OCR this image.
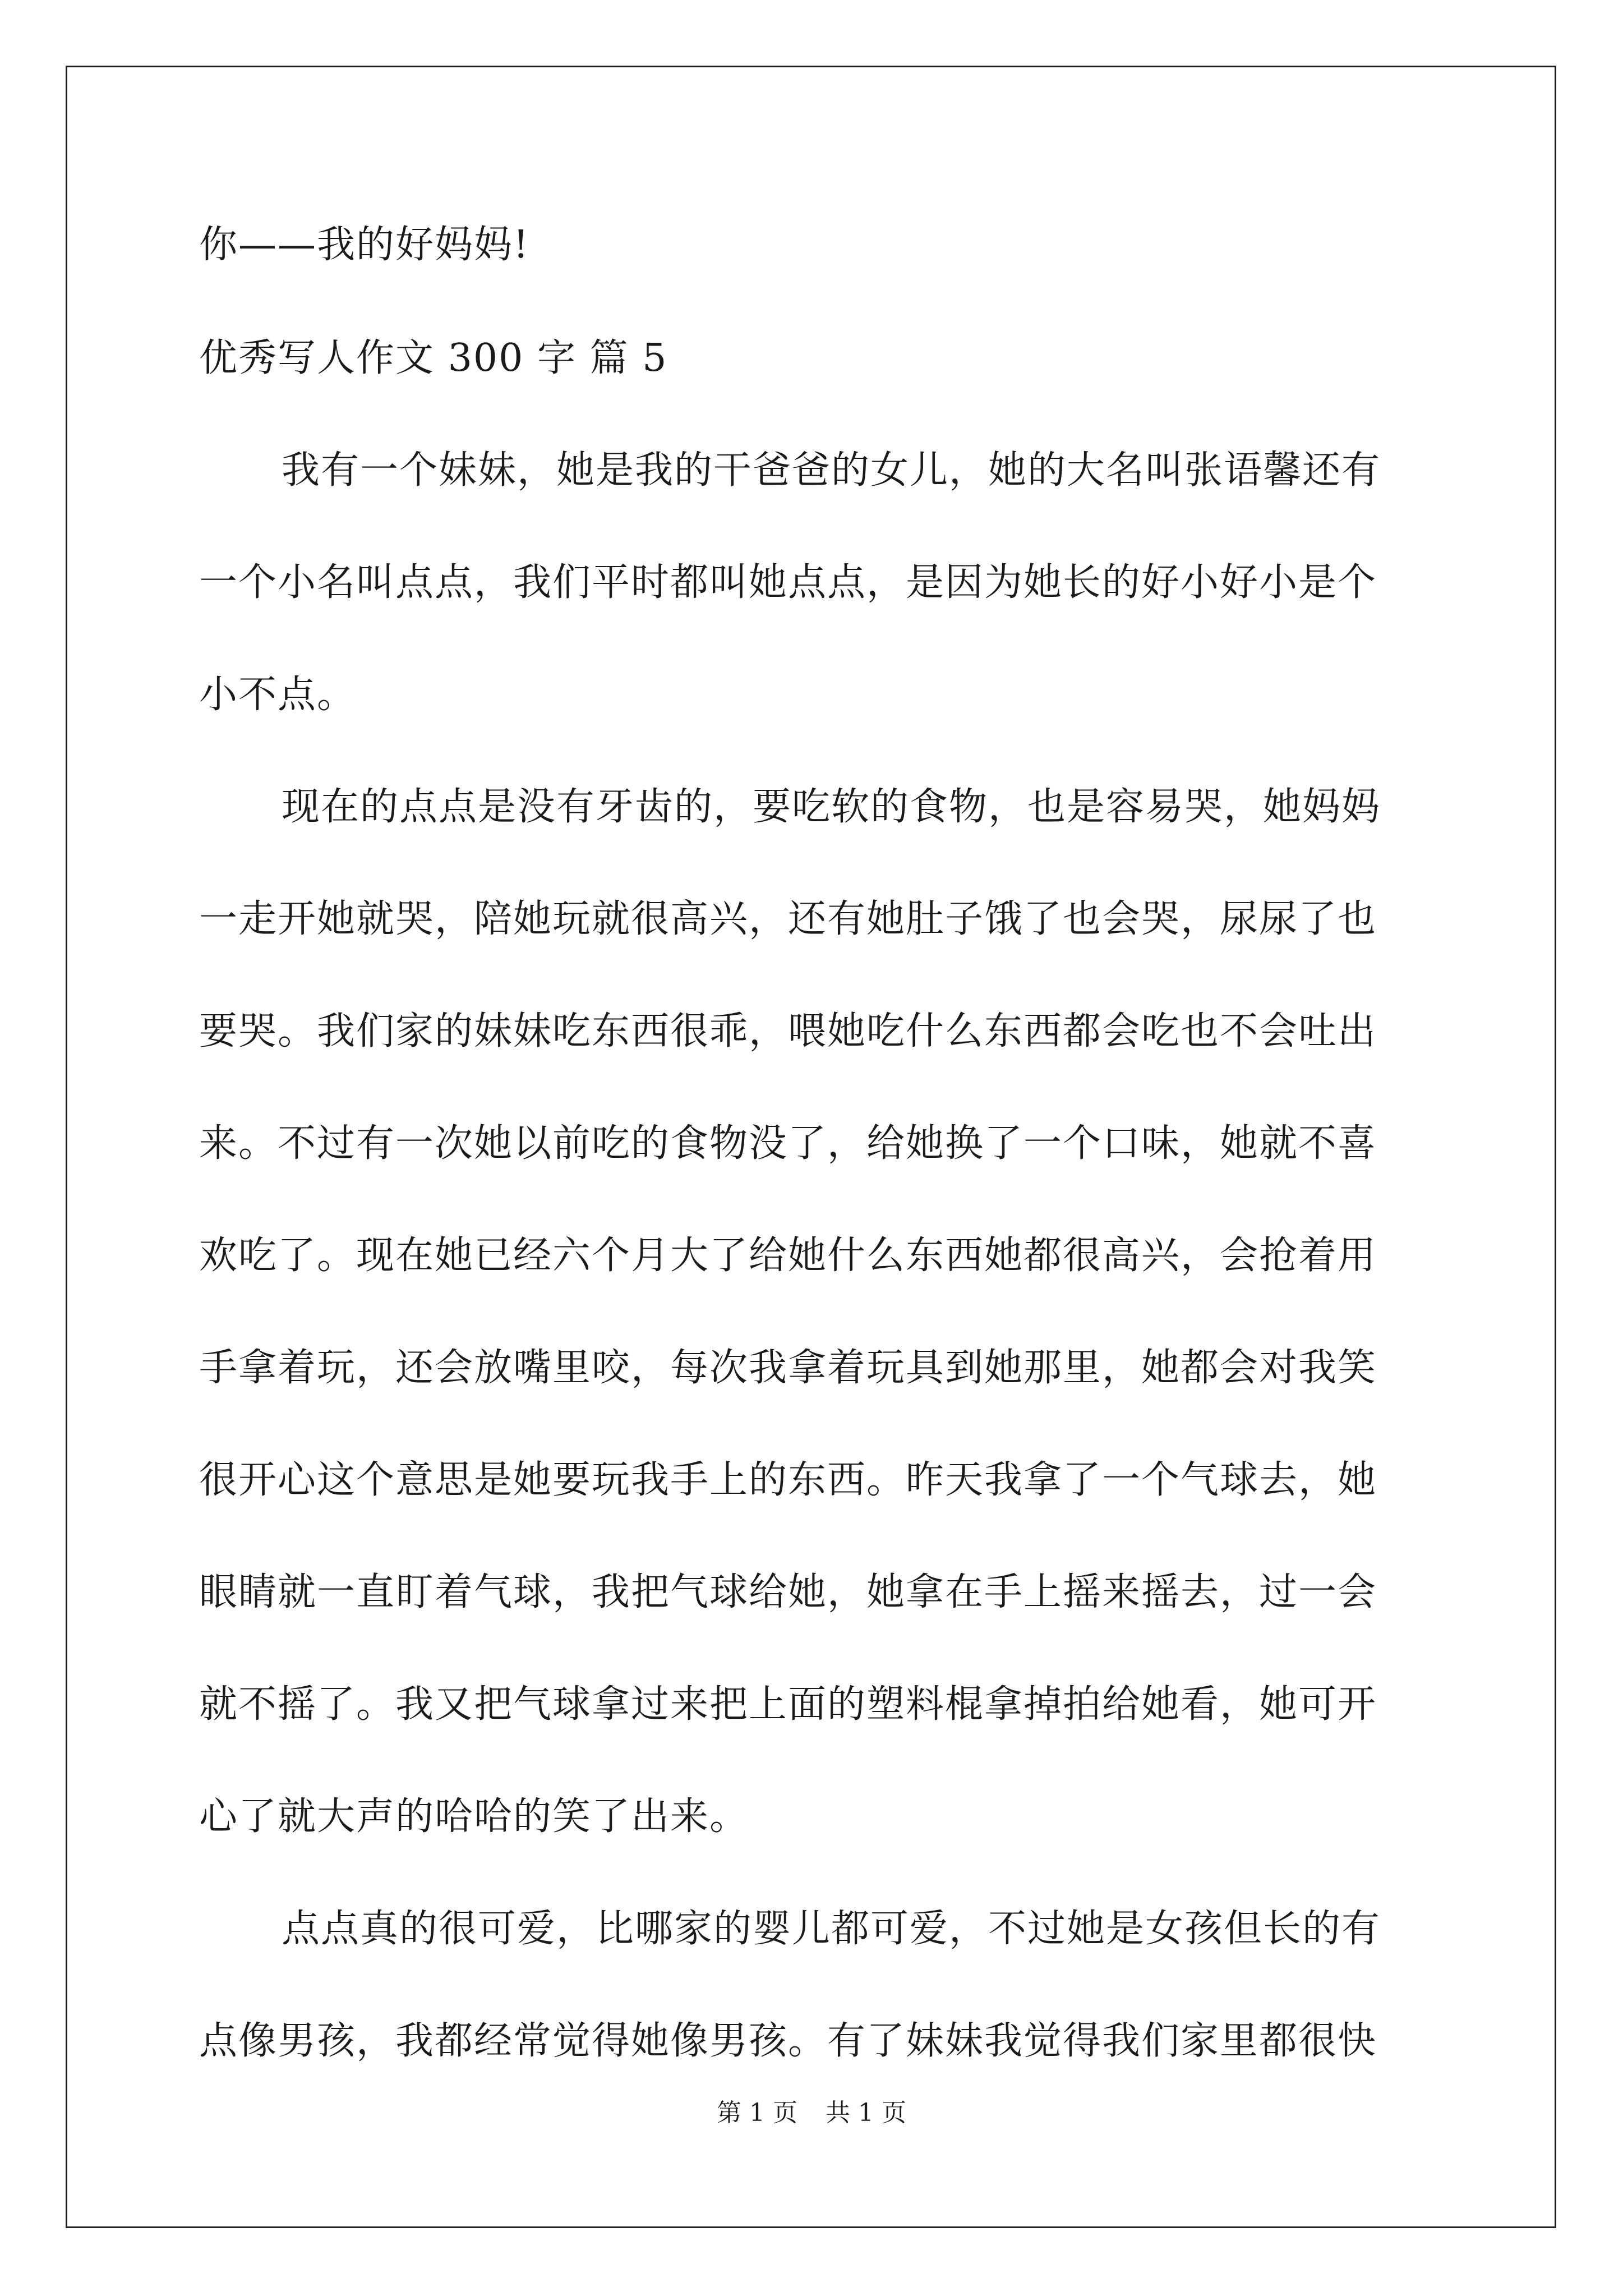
你——我的好妈妈!
优秀写人作文 300 字 篇 5
我有一个妹妹，她是我的干爸爸的女儿，她的大名叫张语馨还有
一个小名叫点点，我们平时都叫她点点，是因为她长的好小好小是个
小不点。
现在的点点是没有牙齿的，要吃软的食物，也是容易哭，她妈妈
一走开她就哭，陪她玩就很高兴，还有她肚子饿了也会哭，尿尿了也
要哭。我们家的妹妹吃东西很乖，喂她吃什么东西都会吃也不会吐出
来。不过有一次她以前吃的食物没了，给她换了一个口味，她就不喜
欢吃了。现在她已经六个月大了给她什么东西她都很高兴，会抢着用
手拿着玩，还会放嘴里咬，每次我拿着玩具到她那里，她都会对我笑
很开心这个意思是她要玩我手上的东西。昨天我拿了一个气球去，她
眼睛就一直盯着气球，我把气球给她，她拿在手上摇来摇去，过一会
就不摇了。我又把气球拿过来把上面的塑料棍拿掉拍给她看，她可开
心了就大声的哈哈的笑了出来。
点点真的很可爱，比哪家的婴儿都可爱，不过她是女孩但长的有
点像男孩，我都经常觉得她像男孩。有了妹妹我觉得我们家里都很快
第 1 页 共 1 页
